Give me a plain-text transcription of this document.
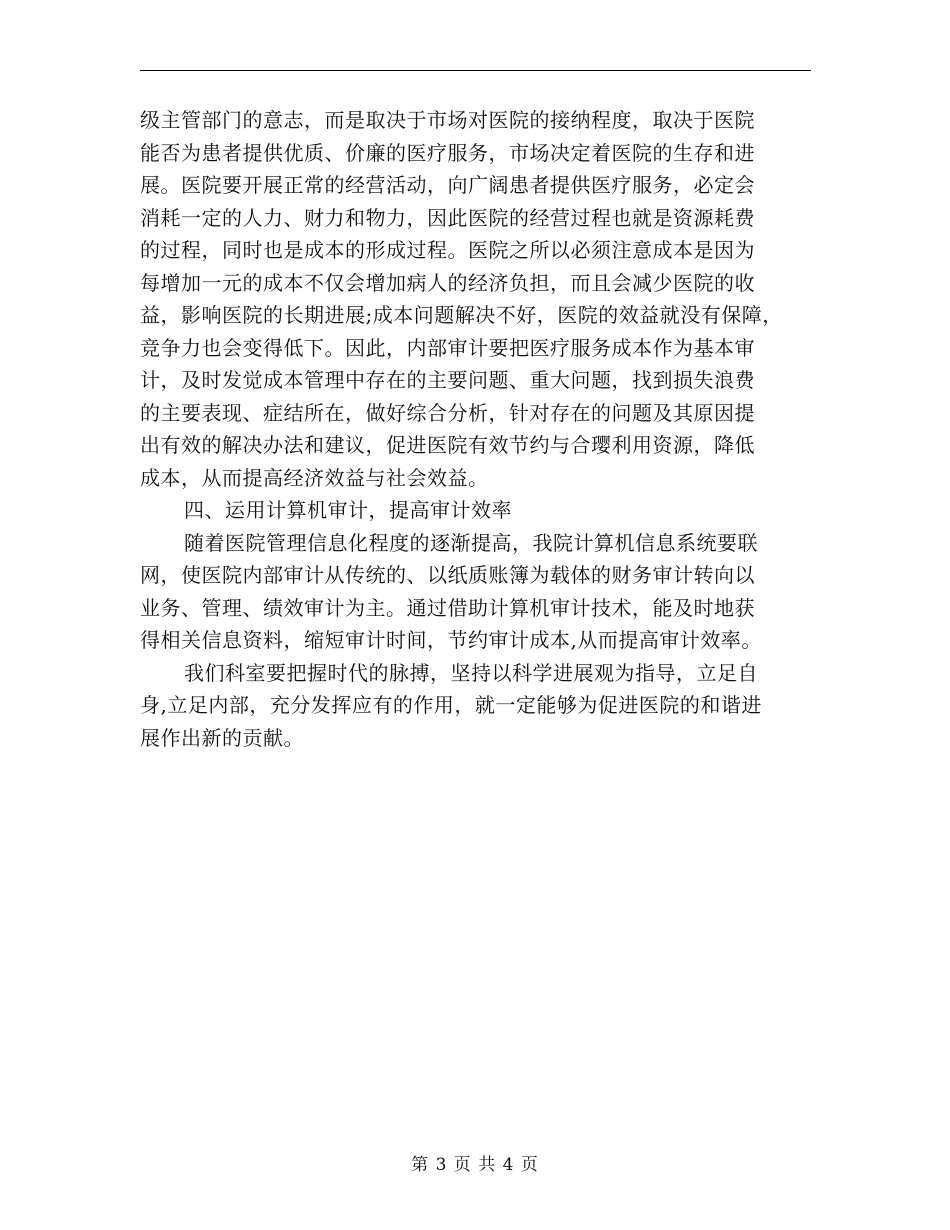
级主管部门的意志，而是取决于市场对医院的接纳程度，取决于医院
能否为患者提供优质、价廉的医疗服务，市场决定着医院的生存和进
展。医院要开展正常的经营活动，向广阔患者提供医疗服务，必定会
消耗一定的人力、财力和物力，因此医院的经营过程也就是资源耗费
的过程，同时也是成本的形成过程。医院之所以必须注意成本是因为
每增加一元的成本不仅会增加病人的经济负担，而且会减少医院的收
益，影响医院的长期进展;成本问题解决不好，医院的效益就没有保障，
竞争力也会变得低下。因此，内部审计要把医疗服务成本作为基本审
计，及时发觉成本管理中存在的主要问题、重大问题，找到损失浪费
的主要表现、症结所在，做好综合分析，针对存在的问题及其原因提
出有效的解决办法和建议，促进医院有效节约与合璎利用资源，降低
成本，从而提高经济效益与社会效益。

四、运用计算机审计，提高审计效率

随着医院管理信息化程度的逐渐提高，我院计算机信息系统要联
网，使医院内部审计从传统的、以纸质账簿为载体的财务审计转向以
业务、管理、绩效审计为主。通过借助计算机审计技术，能及时地获
得相关信息资料，缩短审计时间，节约审计成本,从而提高审计效率。

我们科室要把握时代的脉搏，坚持以科学进展观为指导，立足自
身,立足内部，充分发挥应有的作用，就一定能够为促进医院的和谐进
展作出新的贡献。

第 3 页 共 4 页
